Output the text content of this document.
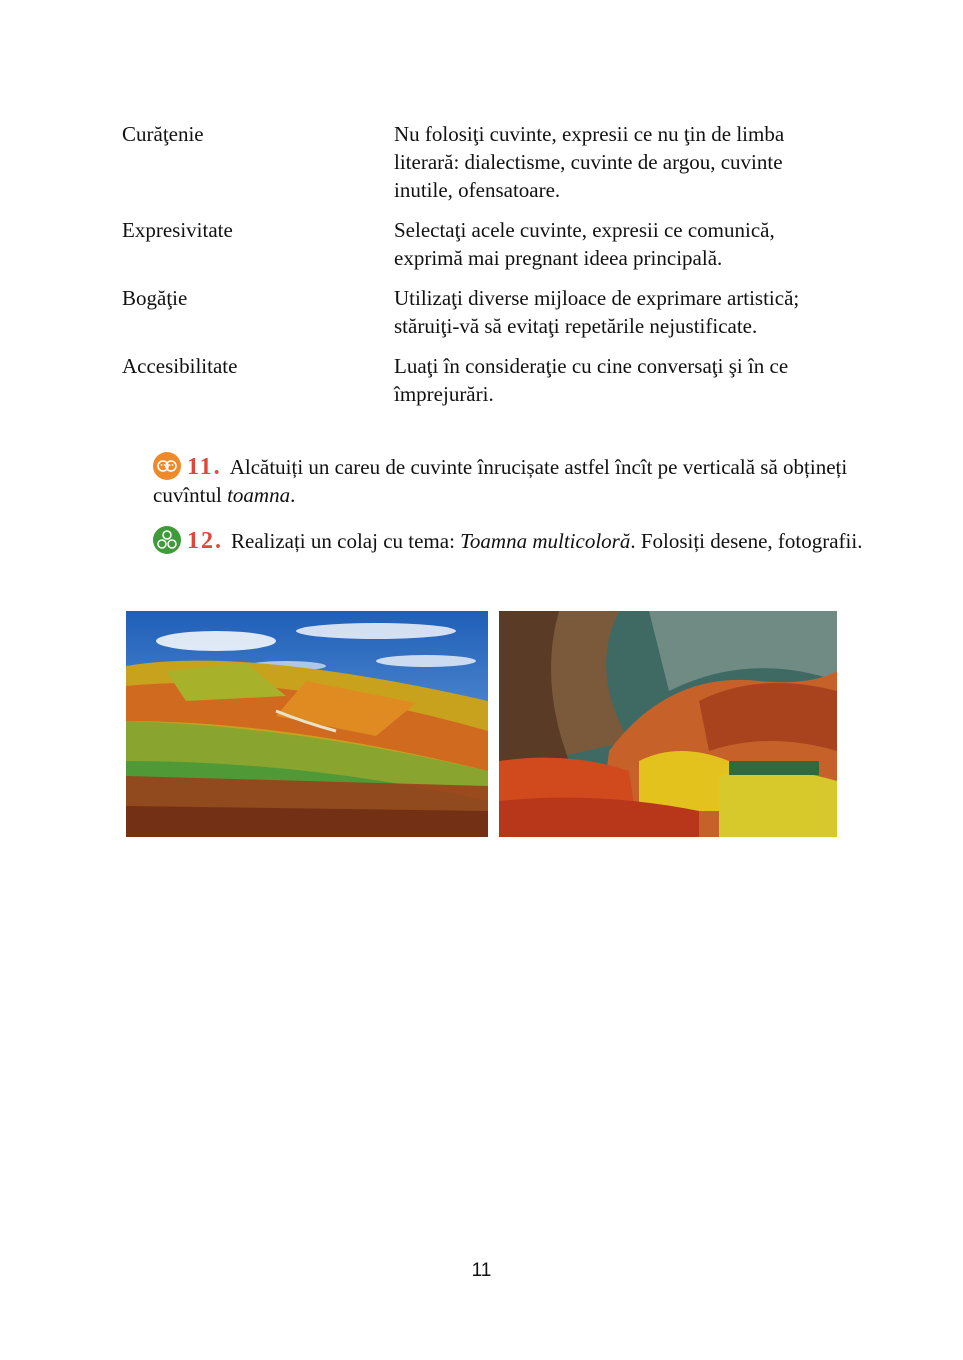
Curăţenie	Nu folosiţi cuvinte, expresii ce nu ţin de limba literară: dialectisme, cuvinte de argou, cuvinte inutile, ofensatoare.
Expresivitate	Selectaţi acele cuvinte, expresii ce comunică, exprimă mai pregnant ideea principală.
Bogăţie	Utilizaţi diverse mijloace de exprimare artistică; stăruiţi-vă să evitaţi repetările nejustificate.
Accesibilitate	Luaţi în consideraţie cu cine conversaţi şi în ce împrejurări.
11. Alcătuiți un careu de cuvinte înrucișate astfel încît pe verticală să obțineți cuvîntul toamna.
12. Realizați un colaj cu tema: Toamna multicoloră. Folosiți desene, fotografii.
11
